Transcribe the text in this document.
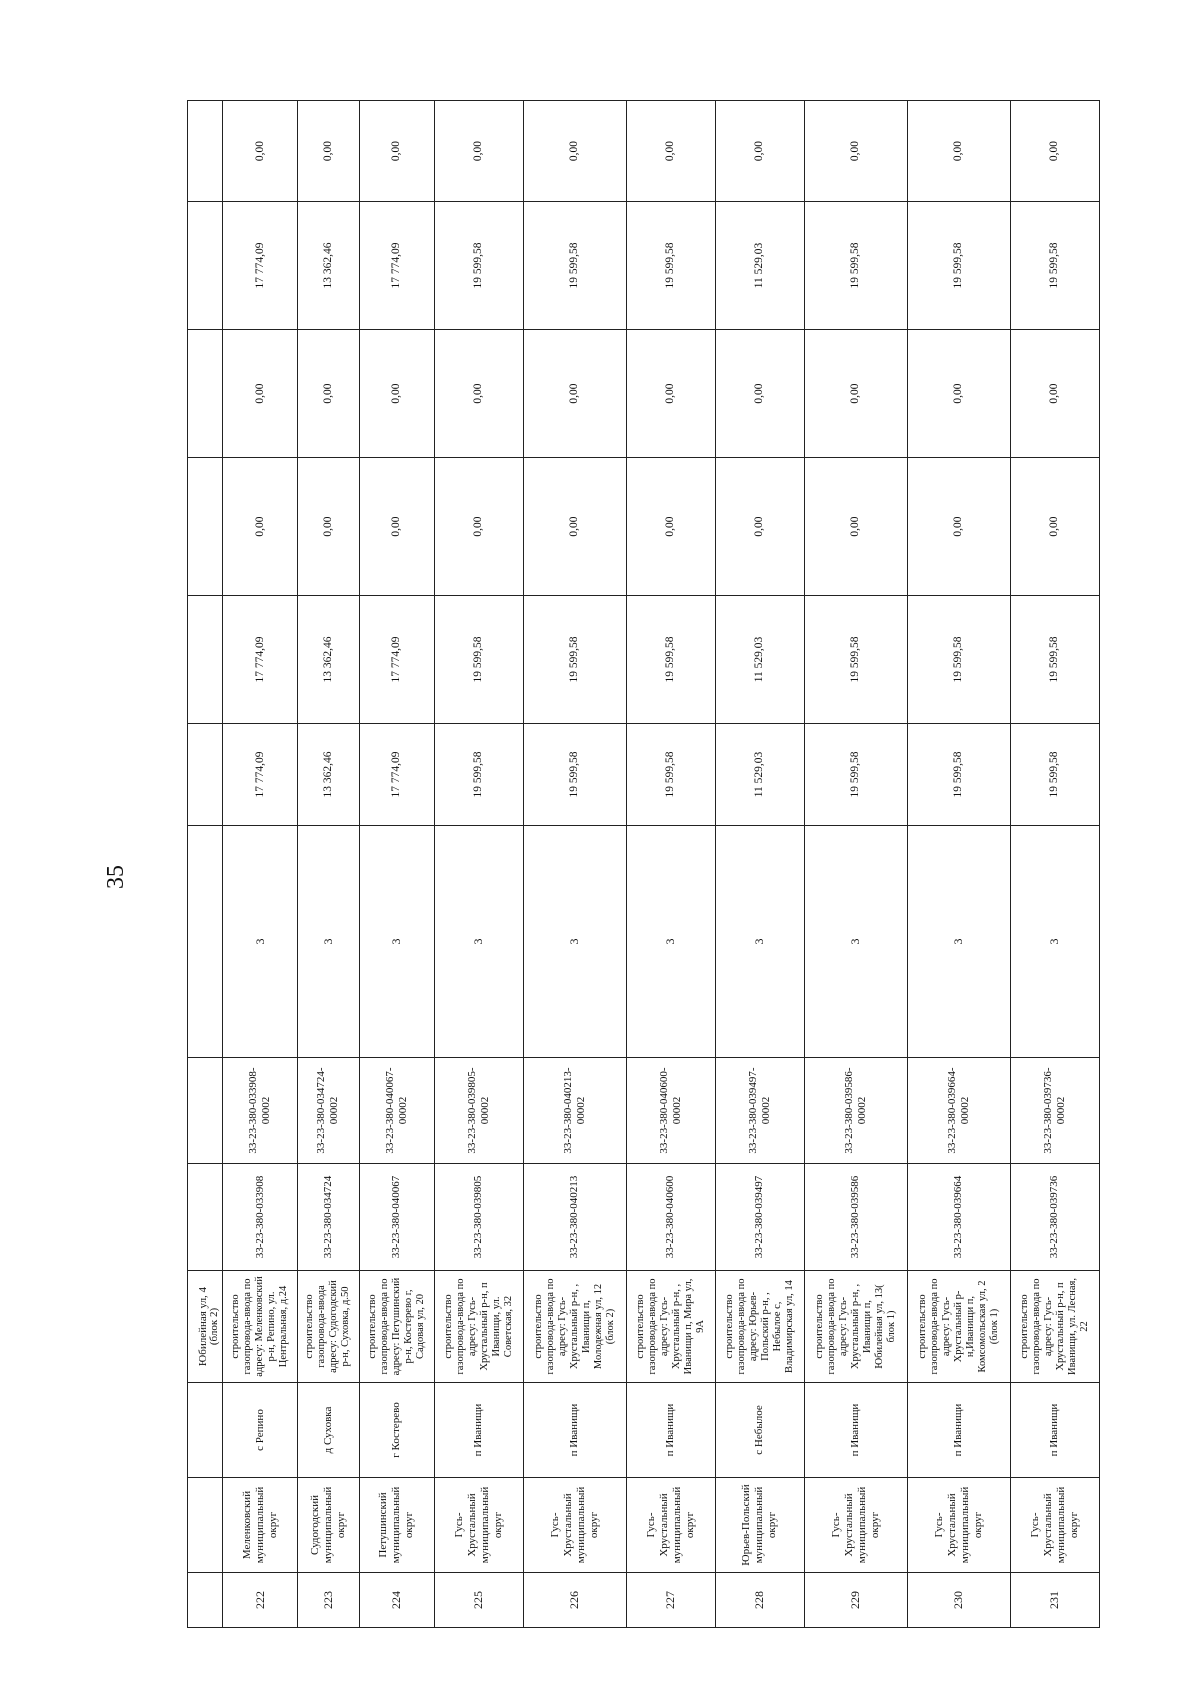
35
			Юбилейная ул, 4
(блок 2)									
222	Меленковский муниципальный округ	с Репино	строительство газопровода-ввода по адресу: Меленковский р-н, Репино, ул. Центральная, д.24	33-23-380-033908	33-23-380-033908-00002	3	17 774,09	17 774,09	0,00	0,00	17 774,09	0,00
223	Судогодский муниципальный округ	д Суховка	строительство газопровода-ввода адресу: Судогодский р-н, Суховка, д.50	33-23-380-034724	33-23-380-034724-00002	3	13 362,46	13 362,46	0,00	0,00	13 362,46	0,00
224	Петушинский муниципальный округ	г Костерево	строительство газопровода-ввода по адресу: Петушинский р-н, Костерево г, Садовая ул, 20	33-23-380-040067	33-23-380-040067-00002	3	17 774,09	17 774,09	0,00	0,00	17 774,09	0,00
225	Гусь-Хрустальный муниципальный округ	п Иванищи	строительство газопровода-ввода по адресу: Гусь-Хрустальный р-н, п Иванищи, ул. Советская, 32	33-23-380-039805	33-23-380-039805-00002	3	19 599,58	19 599,58	0,00	0,00	19 599,58	0,00
226	Гусь-Хрустальный муниципальный округ	п Иванищи	строительство газопровода-ввода по адресу: Гусь-Хрустальный р-н, , Иванищи п, Молодежная ул, 12 (блок 2)	33-23-380-040213	33-23-380-040213-00002	3	19 599,58	19 599,58	0,00	0,00	19 599,58	0,00
227	Гусь-Хрустальный муниципальный округ	п Иванищи	строительство газопровода-ввода по адресу: Гусь-Хрустальный р-н, , Иванищи п, Мира ул, 9А	33-23-380-040600	33-23-380-040600-00002	3	19 599,58	19 599,58	0,00	0,00	19 599,58	0,00
228	Юрьев-Польский муниципальный округ	с Небылое	строительство газопровода-ввода по адресу: Юрьев-Польский р-н, , Небылое с, Владимирская ул, 14	33-23-380-039497	33-23-380-039497-00002	3	11 529,03	11 529,03	0,00	0,00	11 529,03	0,00
229	Гусь-Хрустальный муниципальный округ	п Иванищи	строительство газопровода-ввода по адресу: Гусь-Хрустальный р-н, , Иванищи п, Юбилейная ул, 13( блок 1)	33-23-380-039586	33-23-380-039586-00002	3	19 599,58	19 599,58	0,00	0,00	19 599,58	0,00
230	Гусь-Хрустальный муниципальный округ	п Иванищи	строительство газопровода-ввода по адресу: Гусь-Хрустальный р-н,Иванищи п, Комсомольская ул, 2 (блок 1)	33-23-380-039664	33-23-380-039664-00002	3	19 599,58	19 599,58	0,00	0,00	19 599,58	0,00
231	Гусь-Хрустальный муниципальный округ	п Иванищи	строительство газопровода-ввода по адресу: Гусь-Хрустальный р-н, п Иванищи, ул. Лесная, 22	33-23-380-039736	33-23-380-039736-00002	3	19 599,58	19 599,58	0,00	0,00	19 599,58	0,00
